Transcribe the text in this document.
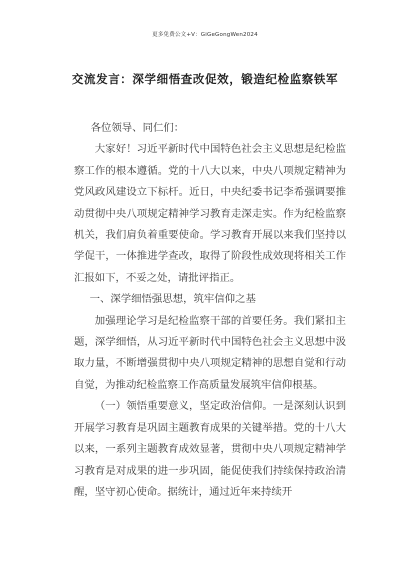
更多免费公文+V：GiGeGongWen2024
交流发言：深学细悟查改促效，锻造纪检监察铁军

各位领导、同仁们：

大家好！习近平新时代中国特色社会主义思想是纪检监察工作的根本遵循。党的十八大以来，中央八项规定精神为党风政风建设立下标杆。近日，中央纪委书记李希强调要推动贯彻中央八项规定精神学习教育走深走实。作为纪检监察机关，我们肩负着重要使命。学习教育开展以来我们坚持以学促干，一体推进学查改，取得了阶段性成效现将相关工作汇报如下，不妥之处，请批评指正。

一、深学细悟强思想，筑牢信仰之基

加强理论学习是纪检监察干部的首要任务。我们紧扣主题，深学细悟，从习近平新时代中国特色社会主义思想中汲取力量，不断增强贯彻中央八项规定精神的思想自觉和行动自觉，为推动纪检监察工作高质量发展筑牢信仰根基。

（一）领悟重要意义，坚定政治信仰。一是深刻认识到开展学习教育是巩固主题教育成果的关键举措。党的十八大以来，一系列主题教育成效显著，贯彻中央八项规定精神学习教育是对成果的进一步巩固，能促使我们持续保持政治清醒，坚守初心使命。据统计，通过近年来持续开
